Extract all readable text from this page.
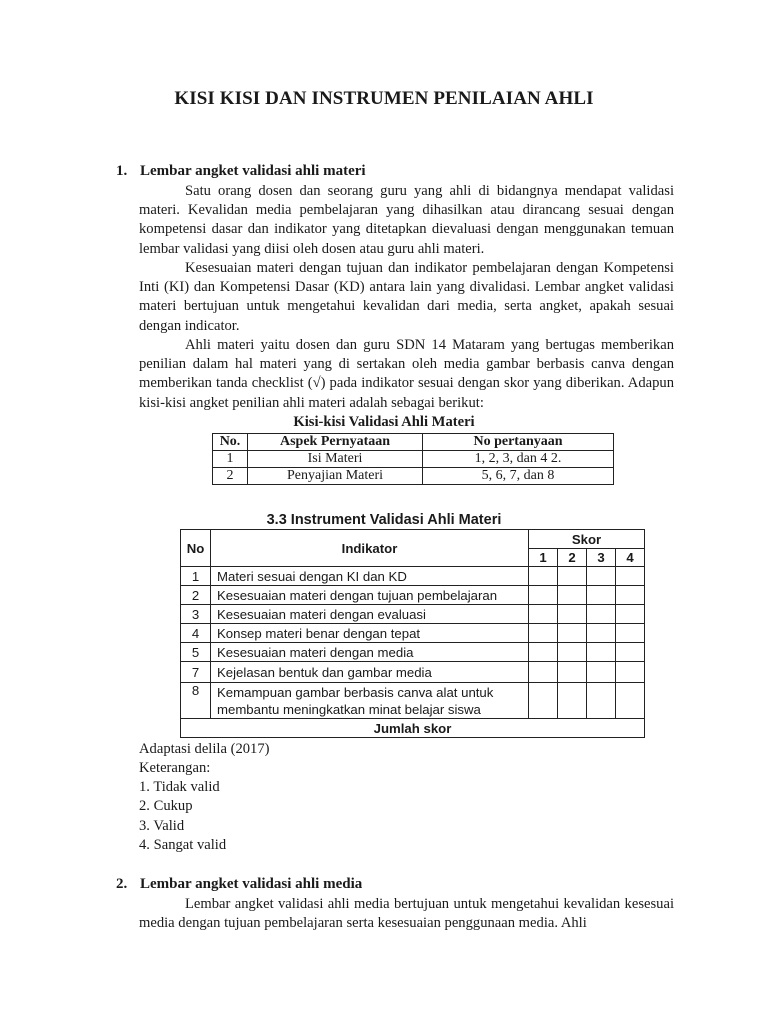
KISI KISI DAN INSTRUMEN PENILAIAN AHLI
1. Lembar angket validasi ahli materi

Satu orang dosen dan seorang guru yang ahli di bidangnya mendapat validasi materi. Kevalidan media pembelajaran yang dihasilkan atau dirancang sesuai dengan kompetensi dasar dan indikator yang ditetapkan dievaluasi dengan menggunakan temuan lembar validasi yang diisi oleh dosen atau guru ahli materi.

Kesesuaian materi dengan tujuan dan indikator pembelajaran dengan Kompetensi Inti (KI) dan Kompetensi Dasar (KD) antara lain yang divalidasi. Lembar angket validasi materi bertujuan untuk mengetahui kevalidan dari media, serta angket, apakah sesuai dengan indicator.

Ahli materi yaitu dosen dan guru SDN 14 Mataram yang bertugas memberikan penilian dalam hal materi yang di sertakan oleh media gambar berbasis canva dengan memberikan tanda checklist (√) pada indikator sesuai dengan skor yang diberikan. Adapun kisi-kisi angket penilian ahli materi adalah sebagai berikut:

Kisi-kisi Validasi Ahli Materi
No.	Aspek Pernyataan	No pertanyaan
1	Isi Materi	1, 2, 3, dan 4 2.
2	Penyajian Materi	5, 6, 7, dan 8
3.3 Instrument Validasi Ahli Materi
No	Indikator	Skor			
		1	2	3	4
1	Materi sesuai dengan KI dan KD				
2	Kesesuaian materi dengan tujuan pembelajaran				
3	Kesesuaian materi dengan evaluasi				
4	Konsep materi benar dengan tepat				
5	Kesesuaian materi dengan media				
7	Kejelasan bentuk dan gambar media				
8	Kemampuan gambar berbasis canva alat untuk membantu meningkatkan minat belajar siswa				
Jumlah skor					
Adaptasi delila (2017)
Keterangan:
1. Tidak valid
2. Cukup
3. Valid
4. Sangat valid
2. Lembar angket validasi ahli media

Lembar angket validasi ahli media bertujuan untuk mengetahui kevalidan kesesuai media dengan tujuan pembelajaran serta kesesuaian penggunaan media. Ahli
